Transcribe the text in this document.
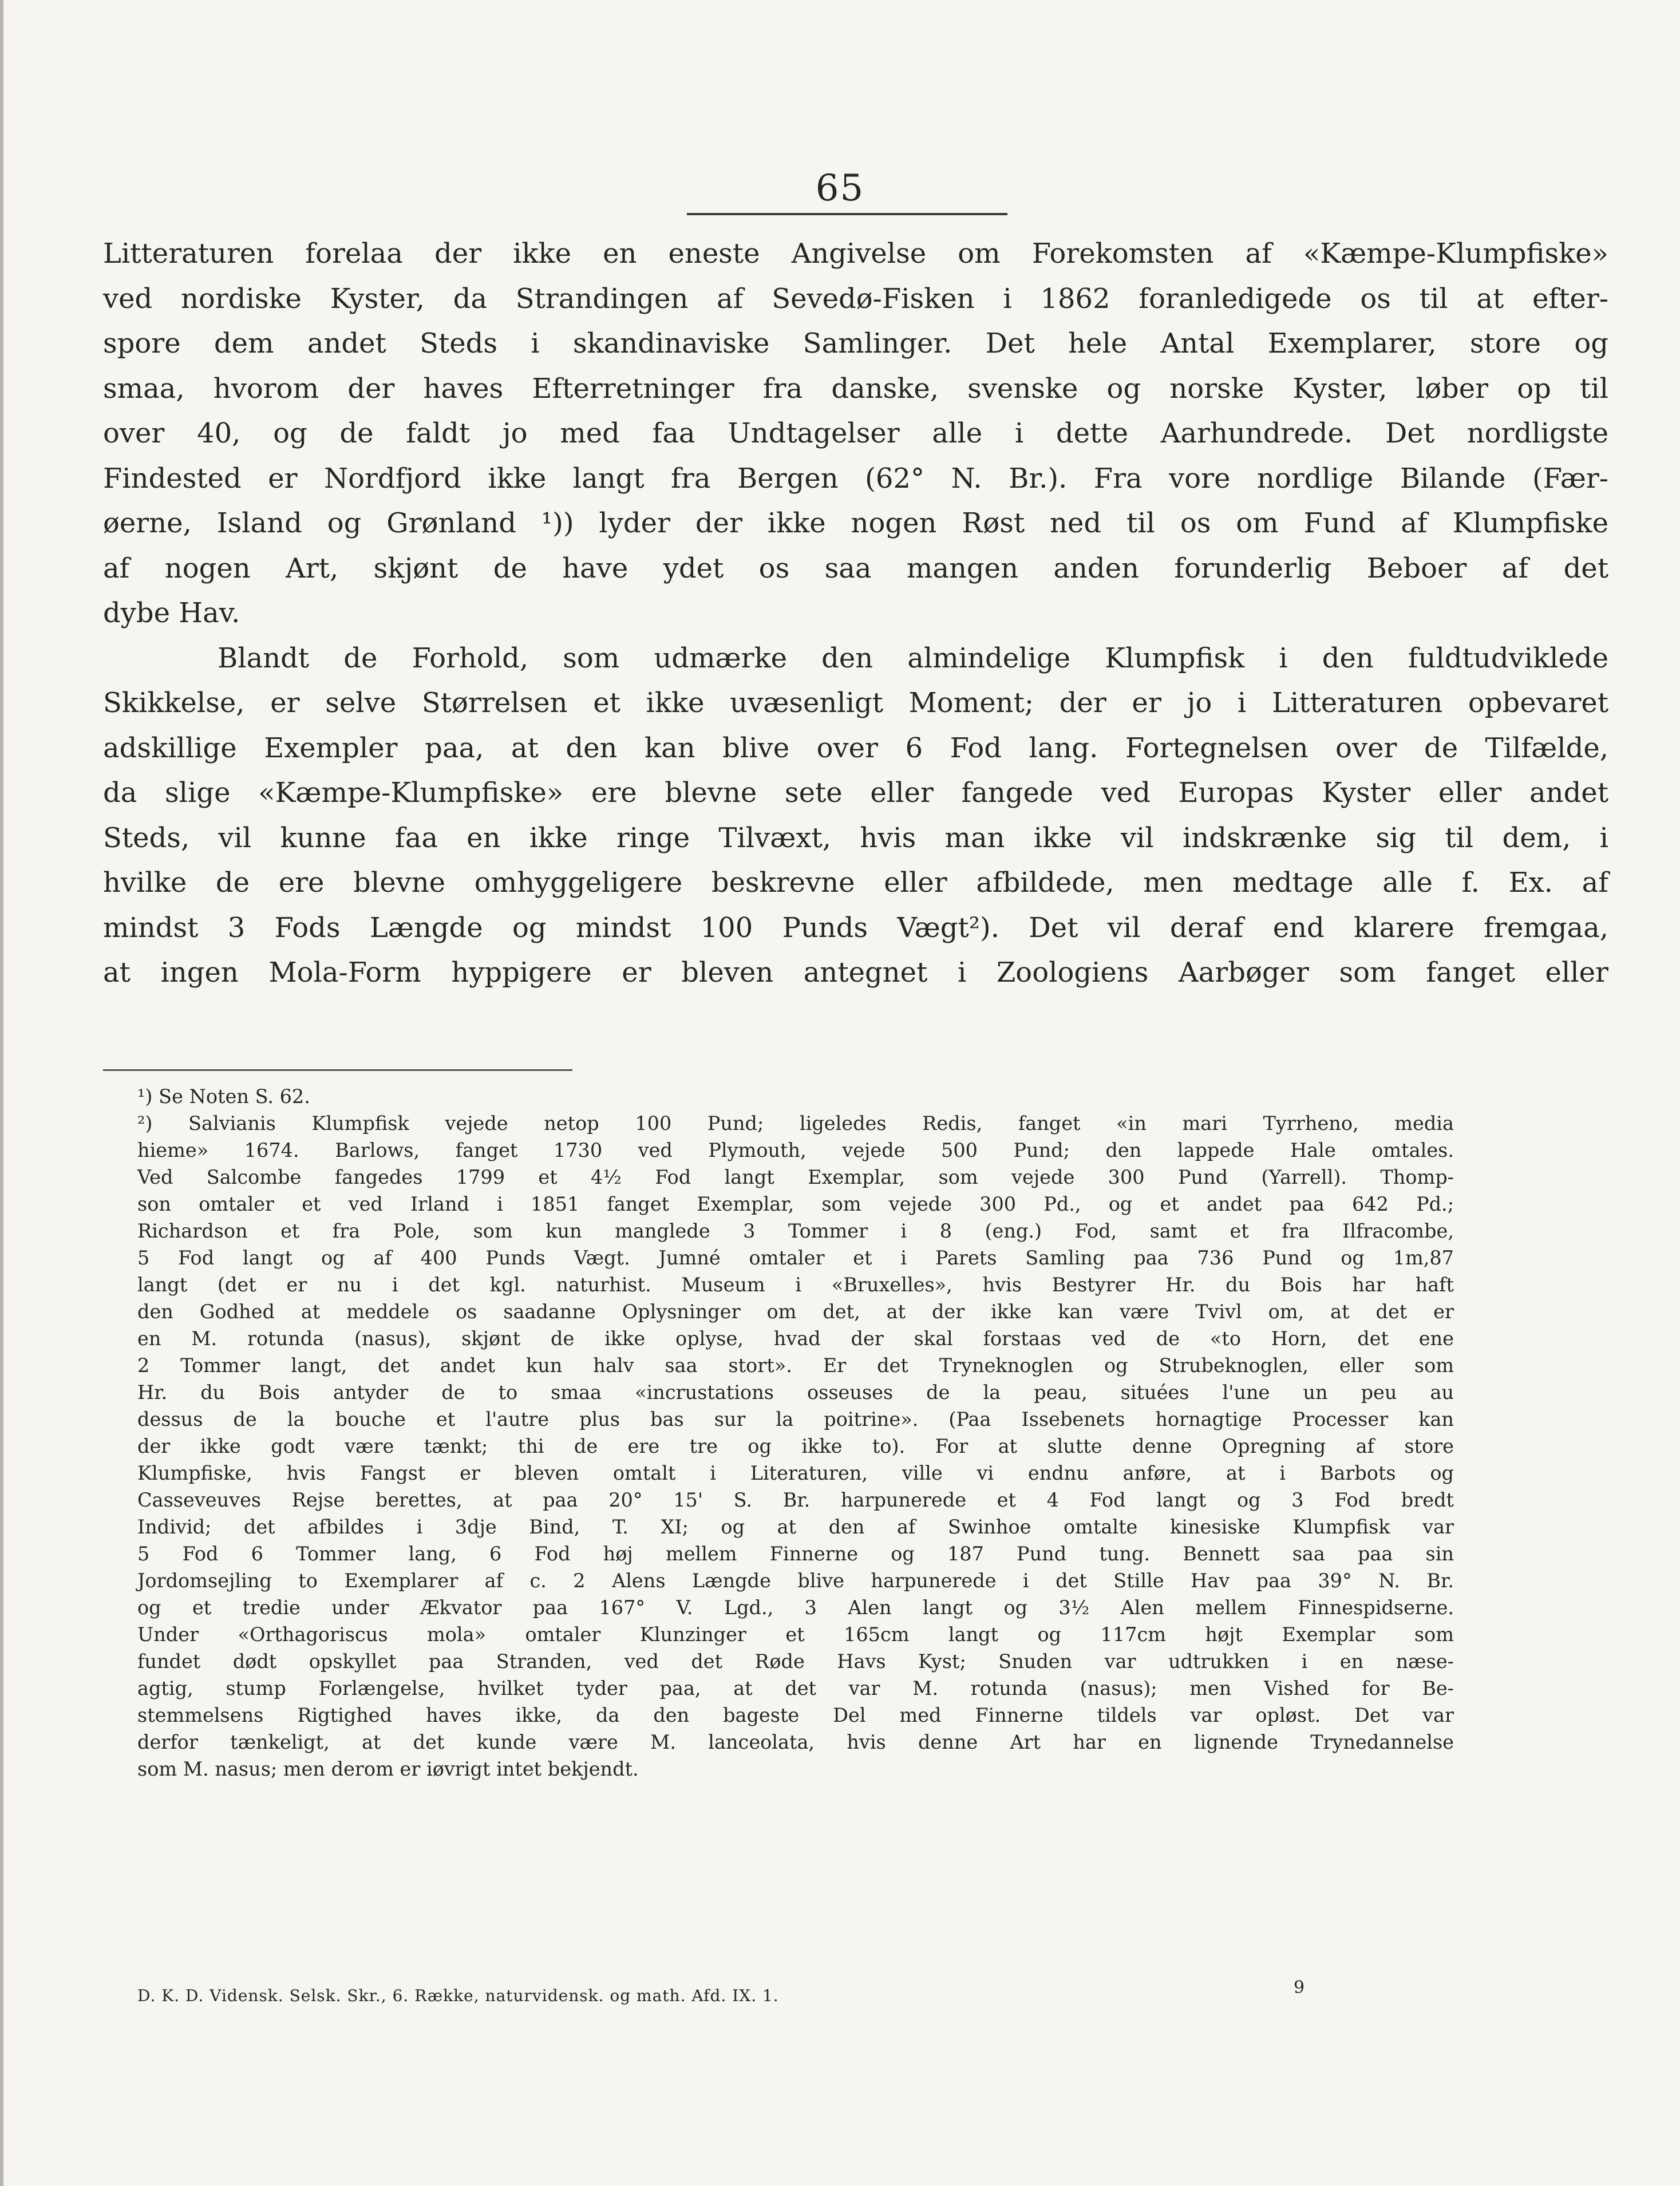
65
Litteraturen forelaa der ikke en eneste Angivelse om Forekomsten af «Kæmpe-Klumpfiske»
ved nordiske Kyster, da Strandingen af Sevedø-Fisken i 1862 foranledigede os til at efter-
spore dem andet Steds i skandinaviske Samlinger. Det hele Antal Exemplarer, store og
smaa, hvorom der haves Efterretninger fra danske, svenske og norske Kyster, løber op til
over 40, og de faldt jo med faa Undtagelser alle i dette Aarhundrede. Det nordligste
Findested er Nordfjord ikke langt fra Bergen (62° N. Br.). Fra vore nordlige Bilande (Fær-
øerne, Island og Grønland ¹)) lyder der ikke nogen Røst ned til os om Fund af Klumpfiske
af nogen Art, skjønt de have ydet os saa mangen anden forunderlig Beboer af det
dybe Hav.
Blandt de Forhold, som udmærke den almindelige Klumpfisk i den fuldtudviklede
Skikkelse, er selve Størrelsen et ikke uvæsenligt Moment; der er jo i Litteraturen opbevaret
adskillige Exempler paa, at den kan blive over 6 Fod lang. Fortegnelsen over de Tilfælde,
da slige «Kæmpe-Klumpfiske» ere blevne sete eller fangede ved Europas Kyster eller andet
Steds, vil kunne faa en ikke ringe Tilvæxt, hvis man ikke vil indskrænke sig til dem, i
hvilke de ere blevne omhyggeligere beskrevne eller afbildede, men medtage alle f. Ex. af
mindst 3 Fods Længde og mindst 100 Punds Vægt²). Det vil deraf end klarere fremgaa,
at ingen Mola-Form hyppigere er bleven antegnet i Zoologiens Aarbøger som fanget eller
¹) Se Noten S. 62.
²) Salvianis Klumpfisk vejede netop 100 Pund; ligeledes Redis, fanget «in mari Tyrrheno, media
hieme» 1674. Barlows, fanget 1730 ved Plymouth, vejede 500 Pund; den lappede Hale omtales.
Ved Salcombe fangedes 1799 et 4½ Fod langt Exemplar, som vejede 300 Pund (Yarrell). Thomp-
son omtaler et ved Irland i 1851 fanget Exemplar, som vejede 300 Pd., og et andet paa 642 Pd.;
Richardson et fra Pole, som kun manglede 3 Tommer i 8 (eng.) Fod, samt et fra Ilfracombe,
5 Fod langt og af 400 Punds Vægt. Jumné omtaler et i Parets Samling paa 736 Pund og 1m,87
langt (det er nu i det kgl. naturhist. Museum i «Bruxelles», hvis Bestyrer Hr. du Bois har haft
den Godhed at meddele os saadanne Oplysninger om det, at der ikke kan være Tvivl om, at det er
en M. rotunda (nasus), skjønt de ikke oplyse, hvad der skal forstaas ved de «to Horn, det ene
2 Tommer langt, det andet kun halv saa stort». Er det Tryneknoglen og Strubeknoglen, eller som
Hr. du Bois antyder de to smaa «incrustations osseuses de la peau, situées l'une un peu au
dessus de la bouche et l'autre plus bas sur la poitrine». (Paa Issebenets hornagtige Processer kan
der ikke godt være tænkt; thi de ere tre og ikke to). For at slutte denne Opregning af store
Klumpfiske, hvis Fangst er bleven omtalt i Literaturen, ville vi endnu anføre, at i Barbots og
Casseveuves Rejse berettes, at paa 20° 15' S. Br. harpunerede et 4 Fod langt og 3 Fod bredt
Individ; det afbildes i 3dje Bind, T. XI; og at den af Swinhoe omtalte kinesiske Klumpfisk var
5 Fod 6 Tommer lang, 6 Fod høj mellem Finnerne og 187 Pund tung. Bennett saa paa sin
Jordomsejling to Exemplarer af c. 2 Alens Længde blive harpunerede i det Stille Hav paa 39° N. Br.
og et tredie under Ækvator paa 167° V. Lgd., 3 Alen langt og 3½ Alen mellem Finnespidserne.
Under «Orthagoriscus mola» omtaler Klunzinger et 165cm langt og 117cm højt Exemplar som
fundet dødt opskyllet paa Stranden, ved det Røde Havs Kyst; Snuden var udtrukken i en næse-
agtig, stump Forlængelse, hvilket tyder paa, at det var M. rotunda (nasus); men Vished for Be-
stemmelsens Rigtighed haves ikke, da den bageste Del med Finnerne tildels var opløst. Det var
derfor tænkeligt, at det kunde være M. lanceolata, hvis denne Art har en lignende Trynedannelse
som M. nasus; men derom er iøvrigt intet bekjendt.
D. K. D. Vidensk. Selsk. Skr., 6. Række, naturvidensk. og math. Afd. IX. 1.	9
